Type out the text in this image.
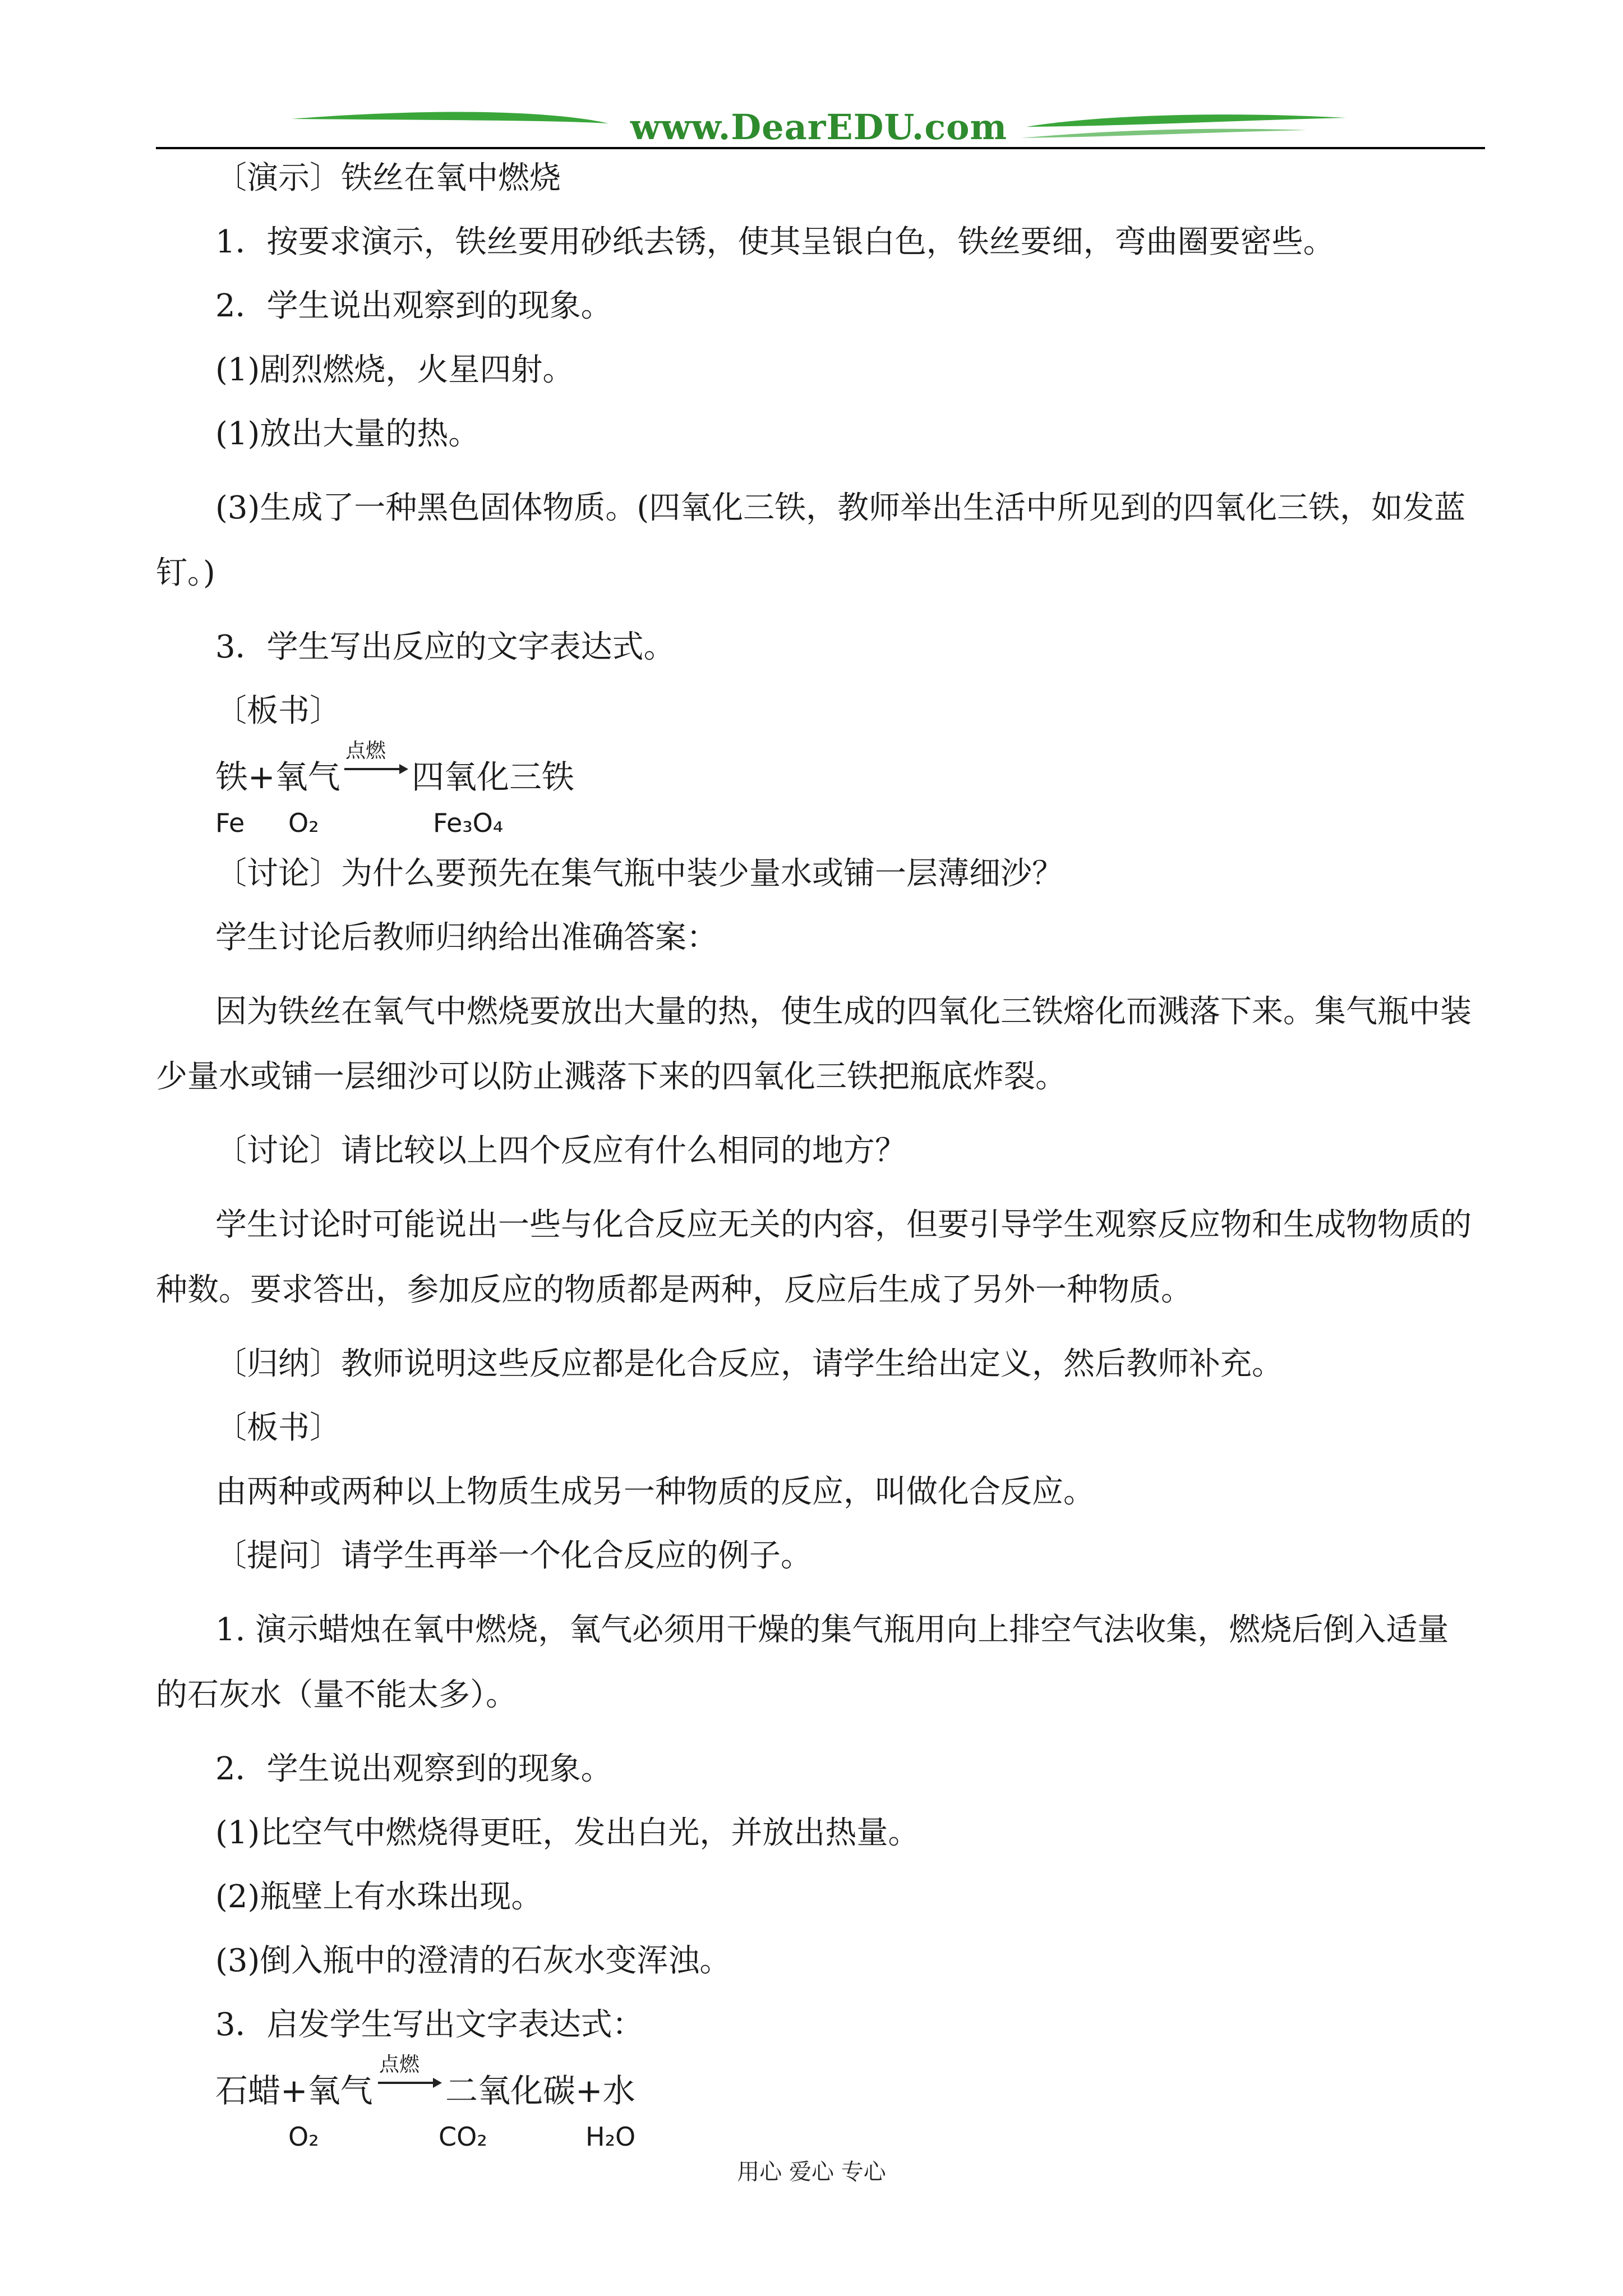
www.DearEDU.com

〔演示〕铁丝在氧中燃烧

1．按要求演示，铁丝要用砂纸去锈，使其呈银白色，铁丝要细，弯曲圈要密些。

2．学生说出观察到的现象。

(1)剧烈燃烧，火星四射。

(1)放出大量的热。

(3)生成了一种黑色固体物质。(四氧化三铁，教师举出生活中所见到的四氧化三铁，如发蓝钉。)

3．学生写出反应的文字表达式。

〔板书〕

铁+氧气
点燃
四氧化三铁
Fe O₂	Fe₃O₄

〔讨论〕为什么要预先在集气瓶中装少量水或铺一层薄细沙？

学生讨论后教师归纳给出准确答案：

因为铁丝在氧气中燃烧要放出大量的热，使生成的四氧化三铁熔化而溅落下来。集气瓶中装少量水或铺一层细沙可以防止溅落下来的四氧化三铁把瓶底炸裂。

〔讨论〕请比较以上四个反应有什么相同的地方？

学生讨论时可能说出一些与化合反应无关的内容，但要引导学生观察反应物和生成物物质的种数。要求答出，参加反应的物质都是两种，反应后生成了另外一种物质。

〔归纳〕教师说明这些反应都是化合反应，请学生给出定义，然后教师补充。

〔板书〕

由两种或两种以上物质生成另一种物质的反应，叫做化合反应。

〔提问〕请学生再举一个化合反应的例子。

1. 演示蜡烛在氧中燃烧，氧气必须用干燥的集气瓶用向上排空气法收集，燃烧后倒入适量的石灰水（量不能太多）。

2．学生说出观察到的现象。

(1)比空气中燃烧得更旺，发出白光，并放出热量。

(2)瓶壁上有水珠出现。

(3)倒入瓶中的澄清的石灰水变浑浊。

3．启发学生写出文字表达式：

石蜡+氧气
点燃
二氧化碳+水
O₂	CO₂	H₂O
用心 爱心 专心
